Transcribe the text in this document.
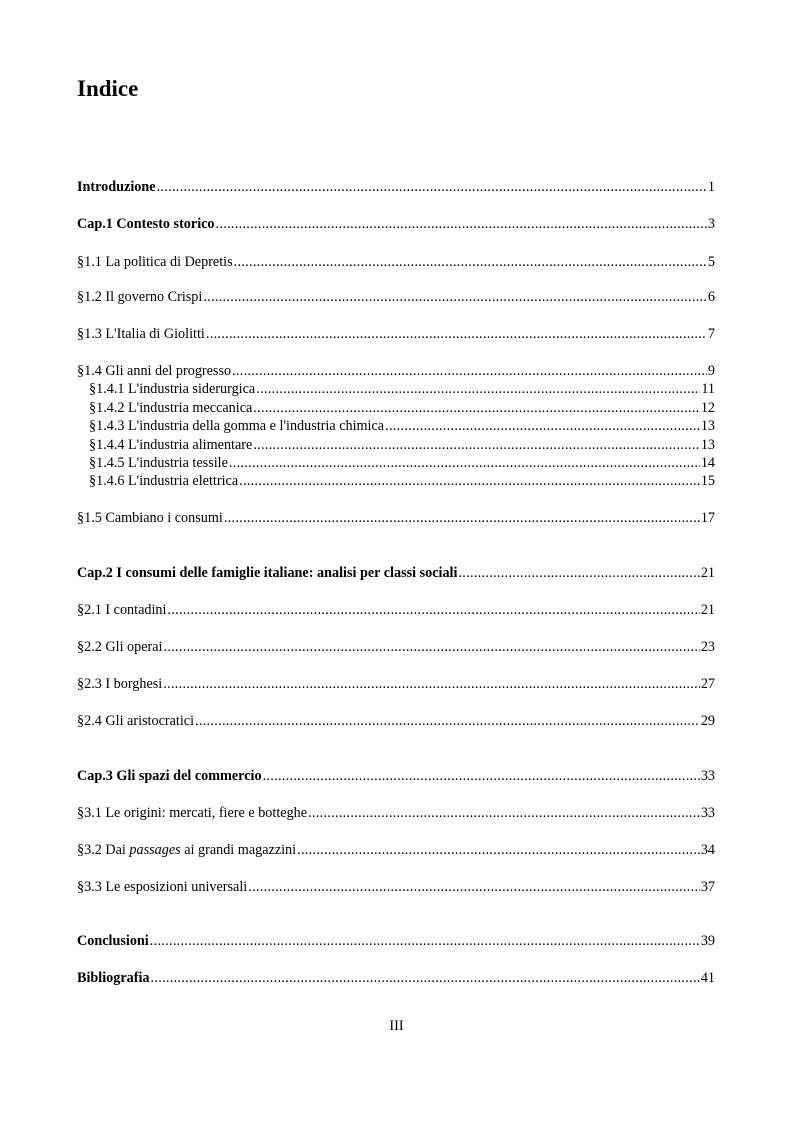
Indice
Introduzione .....	1
Cap.1 Contesto storico .....	3
§1.1 La politica di Depretis .....	5
§1.2 Il governo Crispi .....	6
§1.3 L'Italia di Giolitti .....	7
§1.4 Gli anni del progresso .....	9
§1.4.1 L'industria siderurgica .....	11
§1.4.2 L'industria meccanica .....	12
§1.4.3 L'industria della gomma e l'industria chimica .....	13
§1.4.4 L'industria alimentare .....	13
§1.4.5 L'industria tessile .....	14
§1.4.6 L'industria elettrica .....	15
§1.5 Cambiano i consumi .....	17
Cap.2 I consumi delle famiglie italiane: analisi per classi sociali .....	21
§2.1 I contadini .....	21
§2.2 Gli operai .....	23
§2.3 I borghesi .....	27
§2.4 Gli aristocratici .....	29
Cap.3 Gli spazi del commercio .....	33
§3.1 Le origini: mercati, fiere e botteghe .....	33
§3.2 Dai passages ai grandi magazzini .....	34
§3.3 Le esposizioni universali .....	37
Conclusioni .....	39
Bibliografia .....	41
III
